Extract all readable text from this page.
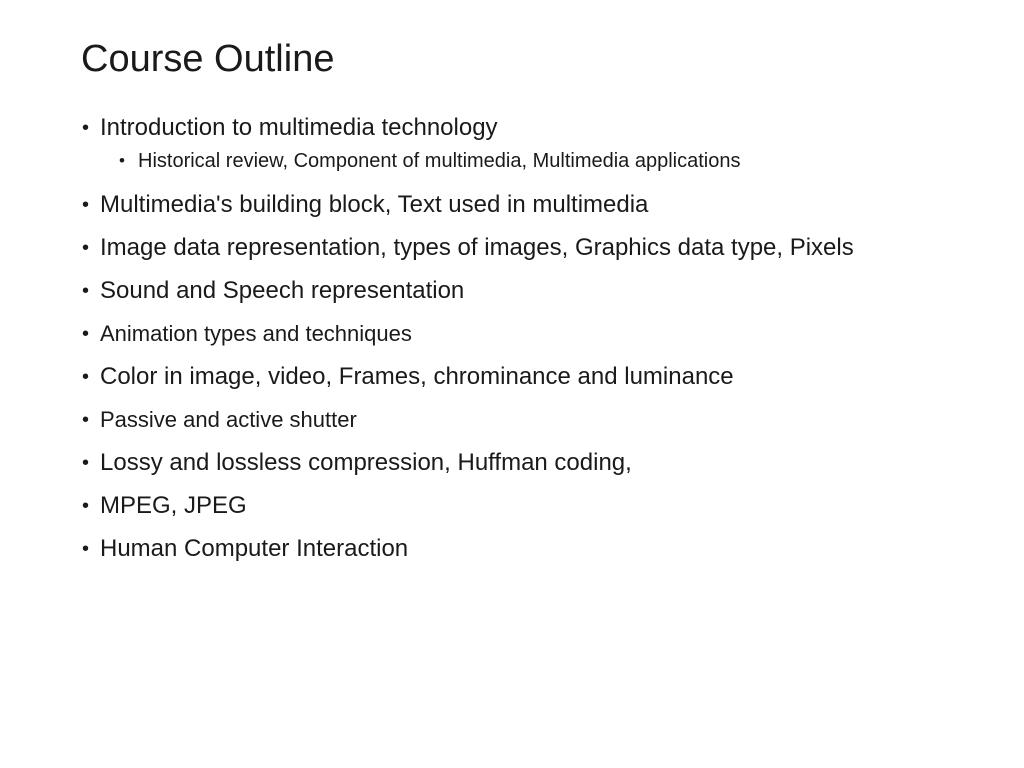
Course Outline
• Introduction to multimedia technology
• Historical review, Component of multimedia, Multimedia applications
• Multimedia's building block, Text used in multimedia
• Image data representation, types of images, Graphics data type, Pixels
• Sound and Speech representation
• Animation types and techniques
• Color in image, video, Frames, chrominance and luminance
• Passive and active shutter
• Lossy and lossless compression, Huffman coding,
• MPEG, JPEG
• Human Computer Interaction
